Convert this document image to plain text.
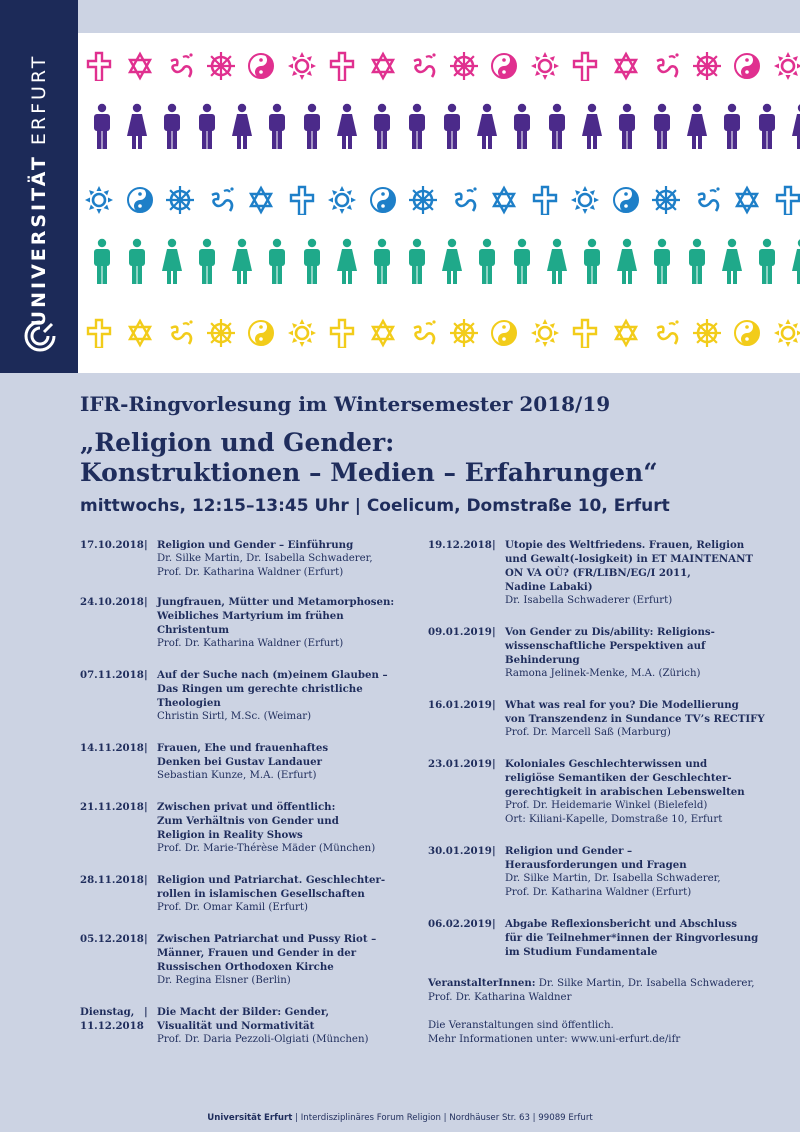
UNIVERSITÄT ERFURT

IFR-Ringvorlesung im Wintersemester 2018/19

„Religion und Gender:
Konstruktionen – Medien – Erfahrungen“

mittwochs, 12:15–13:45 Uhr | Coelicum, Domstraße 10, Erfurt

17.10.2018 | Religion und Gender – Einführung
Dr. Silke Martin, Dr. Isabella Schwaderer,
Prof. Dr. Katharina Waldner (Erfurt)
24.10.2018 | Jungfrauen, Mütter und Metamorphosen:
Weibliches Martyrium im frühen
Christentum
Prof. Dr. Katharina Waldner (Erfurt)
07.11.2018 | Auf der Suche nach (m)einem Glauben –
Das Ringen um gerechte christliche
Theologien
Christin Sirtl, M.Sc. (Weimar)
14.11.2018 | Frauen, Ehe und frauenhaftes
Denken bei Gustav Landauer
Sebastian Kunze, M.A. (Erfurt)
21.11.2018 | Zwischen privat und öffentlich:
Zum Verhältnis von Gender und
Religion in Reality Shows
Prof. Dr. Marie-Thérèse Mäder (München)
28.11.2018 | Religion und Patriarchat. Geschlechter-
rollen in islamischen Gesellschaften
Prof. Dr. Omar Kamil (Erfurt)
05.12.2018 | Zwischen Patriarchat und Pussy Riot –
Männer, Frauen und Gender in der
Russischen Orthodoxen Kirche
Dr. Regina Elsner (Berlin)
Dienstag,
11.12.2018
| Die Macht der Bilder: Gender,
Visualität und Normativität
Prof. Dr. Daria Pezzoli-Olgiati (München)
19.12.2018 | Utopie des Weltfriedens. Frauen, Religion
und Gewalt(-losigkeit) in ET MAINTENANT
ON VA OÙ? (FR/LIBN/EG/I 2011,
Nadine Labaki)
Dr. Isabella Schwaderer (Erfurt)
09.01.2019 | Von Gender zu Dis/ability: Religions-
wissenschaftliche Perspektiven auf
Behinderung
Ramona Jelinek-Menke, M.A. (Zürich)
16.01.2019 | What was real for you? Die Modellierung
von Transzendenz in Sundance TV’s RECTIFY
Prof. Dr. Marcell Saß (Marburg)
23.01.2019 | Koloniales Geschlechterwissen und
religiöse Semantiken der Geschlechter-
gerechtigkeit in arabischen Lebenswelten
Prof. Dr. Heidemarie Winkel (Bielefeld)
Ort: Kiliani-Kapelle, Domstraße 10, Erfurt
30.01.2019 | Religion und Gender –
Herausforderungen und Fragen
Dr. Silke Martin, Dr. Isabella Schwaderer,
Prof. Dr. Katharina Waldner (Erfurt)
06.02.2019 | Abgabe Reflexionsbericht und Abschluss
für die Teilnehmer*innen der Ringvorlesung
im Studium Fundamentale
VeranstalterInnen: Dr. Silke Martin, Dr. Isabella Schwaderer,
Prof. Dr. Katharina Waldner
Die Veranstaltungen sind öffentlich.
Mehr Informationen unter: www.uni-erfurt.de/ifr
Universität Erfurt | Interdisziplinäres Forum Religion | Nordhäuser Str. 63 | 99089 Erfurt
